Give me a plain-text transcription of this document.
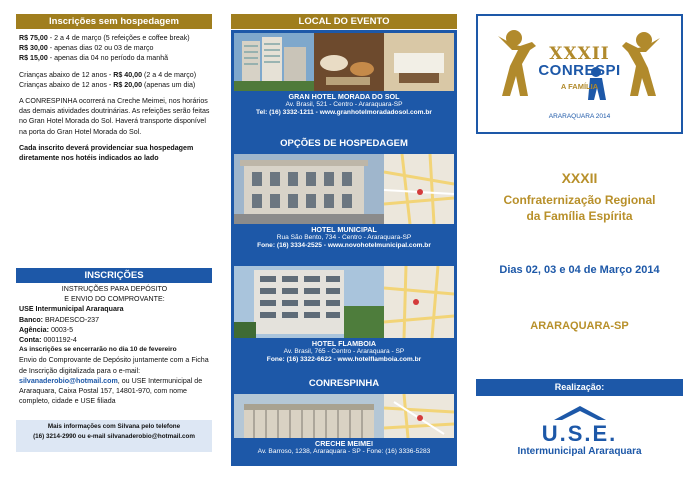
Inscrições sem hospedagem

R$ 75,00 - 2 a 4 de março (5 refeições e coffee break)
R$ 30,00 - apenas dias 02 ou 03 de março
R$ 15,00 - apenas dia 04 no período da manhã

Crianças abaixo de 12 anos - R$ 40,00 (2 a 4 de março)
Crianças abaixo de 12 anos - R$ 20,00 (apenas um dia)

A CONRESPINHA ocorrerá na Creche Meimei, nos horários das demais atividades doutrinárias. As refeições serão feitas no Gran Hotel Morada do Sol. Haverá transporte disponível na porta do Gran Hotel Morada do Sol.

Cada inscrito deverá providenciar sua hospedagem diretamente nos hotéis indicados ao lado

INSCRIÇÕES
INSTRUÇÕES PARA DEPÓSITO
E ENVIO DO COMPROVANTE:
USE Intermunicipal Araraquara
Banco: BRADESCO-237
Agência: 0003-5
Conta: 0001192-4
As inscrições se encerrarão no dia 10 de fevereiro
Envio do Comprovante de Depósito juntamente com a Ficha de Inscrição digitalizada para o e-mail: silvanaderobio@hotmail.com, ou USE Intermunicipal de Araraquara, Caixa Postal 157, 14801-970, com nome completo, cidade e USE filiada
Mais informações com Silvana pelo telefone
(16) 3214-2990 ou e-mail silvanaderobio@hotmail.com
LOCAL DO EVENTO
GRAN HOTEL MORADA DO SOL
Av. Brasil, 521 - Centro - Araraquara-SP
Tel: (16) 3332-1211 - www.granhotelmoradadosol.com.br
OPÇÕES DE HOSPEDAGEM
HOTEL MUNICIPAL
Rua São Bento, 734 - Centro - Araraquara-SP
Fone: (16) 3334-2525 - www.novohotelmunicipal.com.br
HOTEL FLAMBOIA
Av. Brasil, 765 - Centro - Araraquara - SP
Fone: (16) 3322-6622 - www.hotelflamboia.com.br
CONRESPINHA
CRECHE MEIMEI
Av. Barroso, 1238, Araraquara - SP - Fone: (16) 3336-5283
XXXII
CONRESPI
A FAMÍLIA
ARARAQUARA 2014
XXXII
Confraternização Regional
da Família Espírita
Dias 02, 03 e 04 de Março 2014
ARARAQUARA-SP
Realização:
U.S.E.
Intermunicipal Araraquara
